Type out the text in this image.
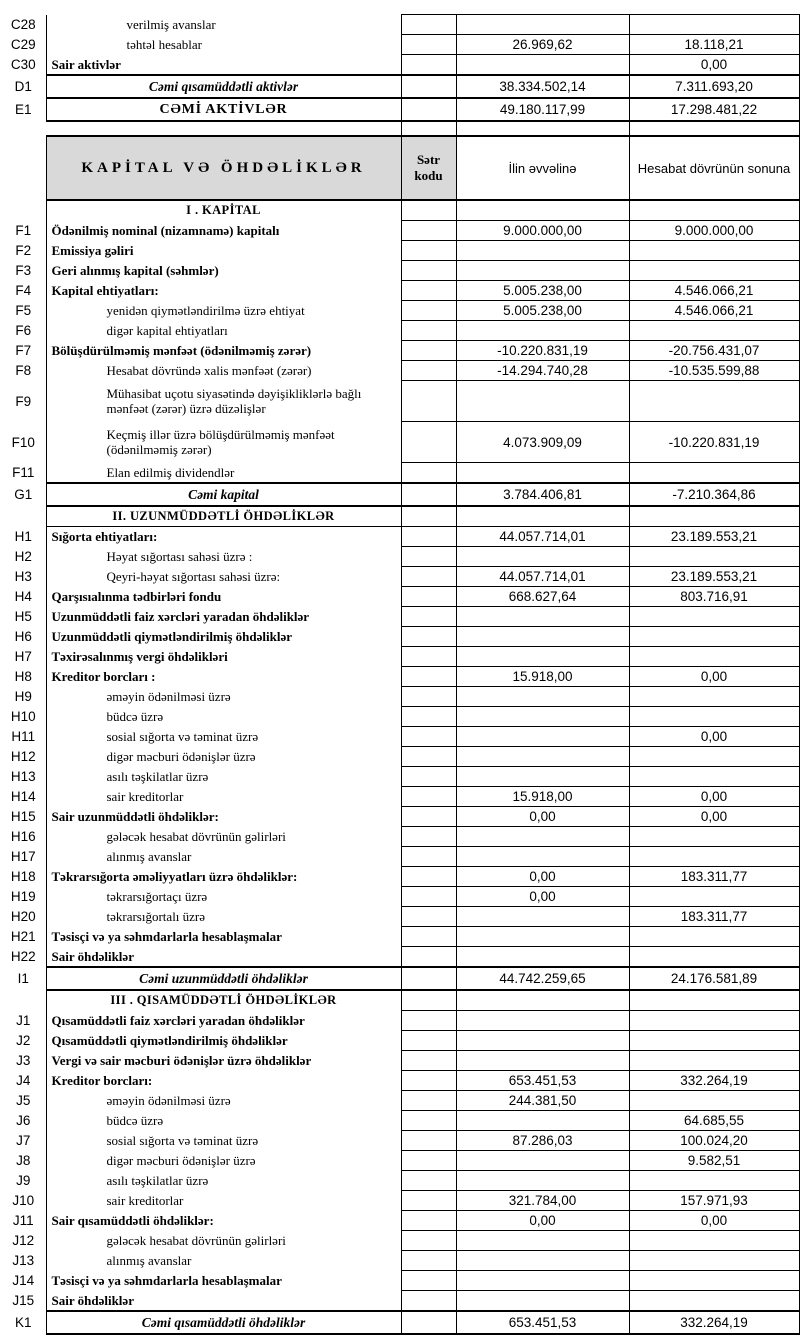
C28	verilmiş avanslar			
C29	təhtəl hesablar		26.969,62	18.118,21
C30	Sair aktivlər			0,00
D1	Cəmi qısamüddətli aktivlər		38.334.502,14	7.311.693,20
E1	CƏMİ AKTİVLƏR		49.180.117,99	17.298.481,22

	KAPİTAL VƏ ÖHDƏLİKLƏR	Sətr kodu	İlin əvvəlinə	Hesabat dövrünün sonuna
	I . KAPİTAL			
F1	Ödənilmiş nominal (nizamnamə) kapitalı		9.000.000,00	9.000.000,00
F2	Emissiya gəliri			
F3	Geri alınmış kapital (səhmlər)			
F4	Kapital ehtiyatları:		5.005.238,00	4.546.066,21
F5	yenidən qiymətləndirilmə üzrə ehtiyat		5.005.238,00	4.546.066,21
F6	digər kapital ehtiyatları			
F7	Bölüşdürülməmiş mənfəət (ödənilməmiş zərər)		-10.220.831,19	-20.756.431,07
F8	Hesabat dövründə xalis mənfəət (zərər)		-14.294.740,28	-10.535.599,88
F9	Mühasibat uçotu siyasətində dəyişikliklərlə bağlı mənfəət (zərər) üzrə düzəlişlər			
F10	Keçmiş illər üzrə bölüşdürülməmiş mənfəət (ödənilməmiş zərər)		4.073.909,09	-10.220.831,19
F11	Elan edilmiş dividendlər			
G1	Cəmi kapital		3.784.406,81	-7.210.364,86
	II. UZUNMÜDDƏTLİ ÖHDƏLİKLƏR			
H1	Sığorta ehtiyatları:		44.057.714,01	23.189.553,21
H2	Həyat sığortası sahəsi üzrə :			
H3	Qeyri-həyat sığortası sahəsi üzrə:		44.057.714,01	23.189.553,21
H4	Qarşısıalınma tədbirləri fondu		668.627,64	803.716,91
H5	Uzunmüddətli faiz xərcləri yaradan öhdəliklər			
H6	Uzunmüddətli qiymətləndirilmiş öhdəliklər			
H7	Təxirəsalınmış vergi öhdəlikləri			
H8	Kreditor borcları :		15.918,00	0,00
H9	əməyin ödənilməsi üzrə			
H10	büdcə üzrə			
H11	sosial sığorta və təminat üzrə			0,00
H12	digər məcburi ödənişlər üzrə			
H13	asılı təşkilatlar üzrə			
H14	sair kreditorlar		15.918,00	0,00
H15	Sair uzunmüddətli öhdəliklər:		0,00	0,00
H16	gələcək hesabat dövrünün gəlirləri			
H17	alınmış avanslar			
H18	Təkrarsığorta əməliyyatları üzrə öhdəliklər:		0,00	183.311,77
H19	təkrarsığortaçı üzrə		0,00	
H20	təkrarsığortalı üzrə			183.311,77
H21	Təsisçi və ya səhmdarlarla hesablaşmalar			
H22	Sair öhdəliklər			
I1	Cəmi uzunmüddətli öhdəliklər		44.742.259,65	24.176.581,89
	III . QISAMÜDDƏTLİ ÖHDƏLİKLƏR			
J1	Qısamüddətli faiz xərcləri yaradan öhdəliklər			
J2	Qısamüddətli qiymətləndirilmiş öhdəliklər			
J3	Vergi və sair məcburi ödənişlər üzrə öhdəliklər			
J4	Kreditor borcları:		653.451,53	332.264,19
J5	əməyin ödənilməsi üzrə		244.381,50	
J6	büdcə üzrə			64.685,55
J7	sosial sığorta və təminat üzrə		87.286,03	100.024,20
J8	digər məcburi ödənişlər üzrə			9.582,51
J9	asılı təşkilatlar üzrə			
J10	sair kreditorlar		321.784,00	157.971,93
J11	Sair qısamüddətli öhdəliklər:		0,00	0,00
J12	gələcək hesabat dövrünün gəlirləri			
J13	alınmış avanslar			
J14	Təsisçi və ya səhmdarlarla hesablaşmalar			
J15	Sair öhdəliklər			
K1	Cəmi qısamüddətli öhdəliklər		653.451,53	332.264,19
